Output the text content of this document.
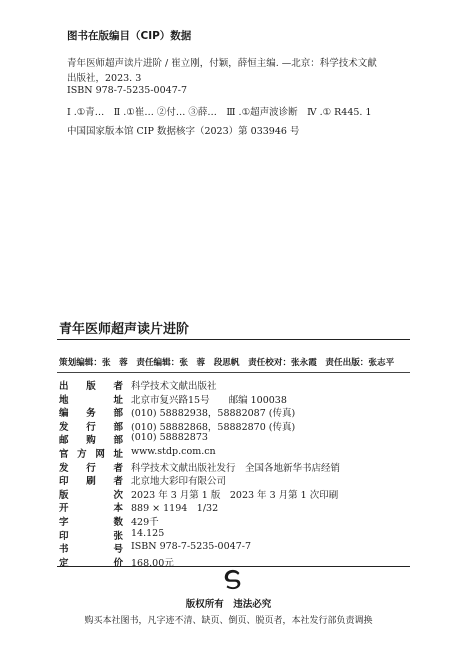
图书在版编目（CIP）数据
青年医师超声读片进阶 / 崔立刚，付颖，薛恒主编. —北京：科学技术文献
出版社，2023. 3
ISBN 978-7-5235-0047-7
Ⅰ .①青…　Ⅱ .①崔… ②付… ③薛…　Ⅲ .①超声波诊断　Ⅳ .① R445. 1
中国国家版本馆 CIP 数据核字（2023）第 033946 号
青年医师超声读片进阶
策划编辑：张　蓉　责任编辑：张　蓉　段思帆　责任校对：张永霞　责任出版：张志平
出 版 者 科学技术文献出版社
地	址 北京市复兴路15号　　邮编 100038
编 务 部 (010) 58882938，58882087 (传真)
发 行 部 (010) 58882868，58882870 (传真)
邮 购 部 (010) 58882873
官 方 网 址 www.stdp.com.cn
发 行 者 科学技术文献出版社发行　全国各地新华书店经销
印 刷 者 北京地大彩印有限公司
版	次 2023 年 3 月第 1 版　2023 年 3 月第 1 次印刷
开	本 889 × 1194　1/32
字	数 429千
印	张 14.125
书	号 ISBN 978-7-5235-0047-7
定	价 168.00元
版权所有　违法必究
购买本社图书，凡字迹不清、缺页、倒页、脱页者，本社发行部负责调换
